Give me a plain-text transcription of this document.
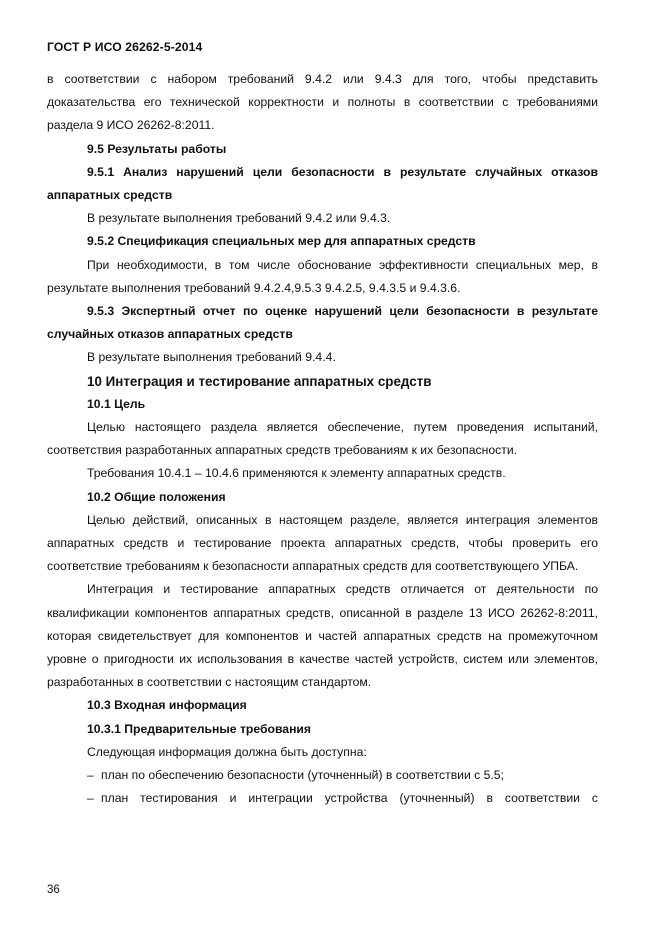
ГОСТ Р ИСО 26262-5-2014

в соответствии с набором требований 9.4.2 или 9.4.3 для того, чтобы представить доказательства его технической корректности и полноты в соответствии с требованиями раздела 9 ИСО 26262-8:2011.

9.5 Результаты работы

9.5.1 Анализ нарушений цели безопасности в результате случайных отказов аппаратных средств

В результате выполнения требований 9.4.2 или 9.4.3.

9.5.2 Спецификация специальных мер для аппаратных средств

При необходимости, в том числе обоснование эффективности специальных мер, в результате выполнения требований 9.4.2.4,9.5.3 9.4.2.5, 9.4.3.5 и 9.4.3.6.

9.5.3 Экспертный отчет по оценке нарушений цели безопасности в результате случайных отказов аппаратных средств

В результате выполнения требований 9.4.4.

10 Интеграция и тестирование аппаратных средств

10.1 Цель

Целью настоящего раздела является обеспечение, путем проведения испытаний, соответствия разработанных аппаратных средств требованиям к их безопасности.

Требования 10.4.1 – 10.4.6 применяются к элементу аппаратных средств.

10.2 Общие положения

Целью действий, описанных в настоящем разделе, является интеграция элементов аппаратных средств и тестирование проекта аппаратных средств, чтобы проверить его соответствие требованиям к безопасности аппаратных средств для соответствующего УПБА.

Интеграция и тестирование аппаратных средств отличается от деятельности по квалификации компонентов аппаратных средств, описанной в разделе 13 ИСО 26262-8:2011, которая свидетельствует для компонентов и частей аппаратных средств на промежуточном уровне о пригодности их использования в качестве частей устройств, систем или элементов, разработанных в соответствии с настоящим стандартом.

10.3 Входная информация

10.3.1 Предварительные требования

Следующая информация должна быть доступна:

– план по обеспечению безопасности (уточненный) в соответствии с 5.5;
– план тестирования и интеграции устройства (уточненный) в соответствии с
36
